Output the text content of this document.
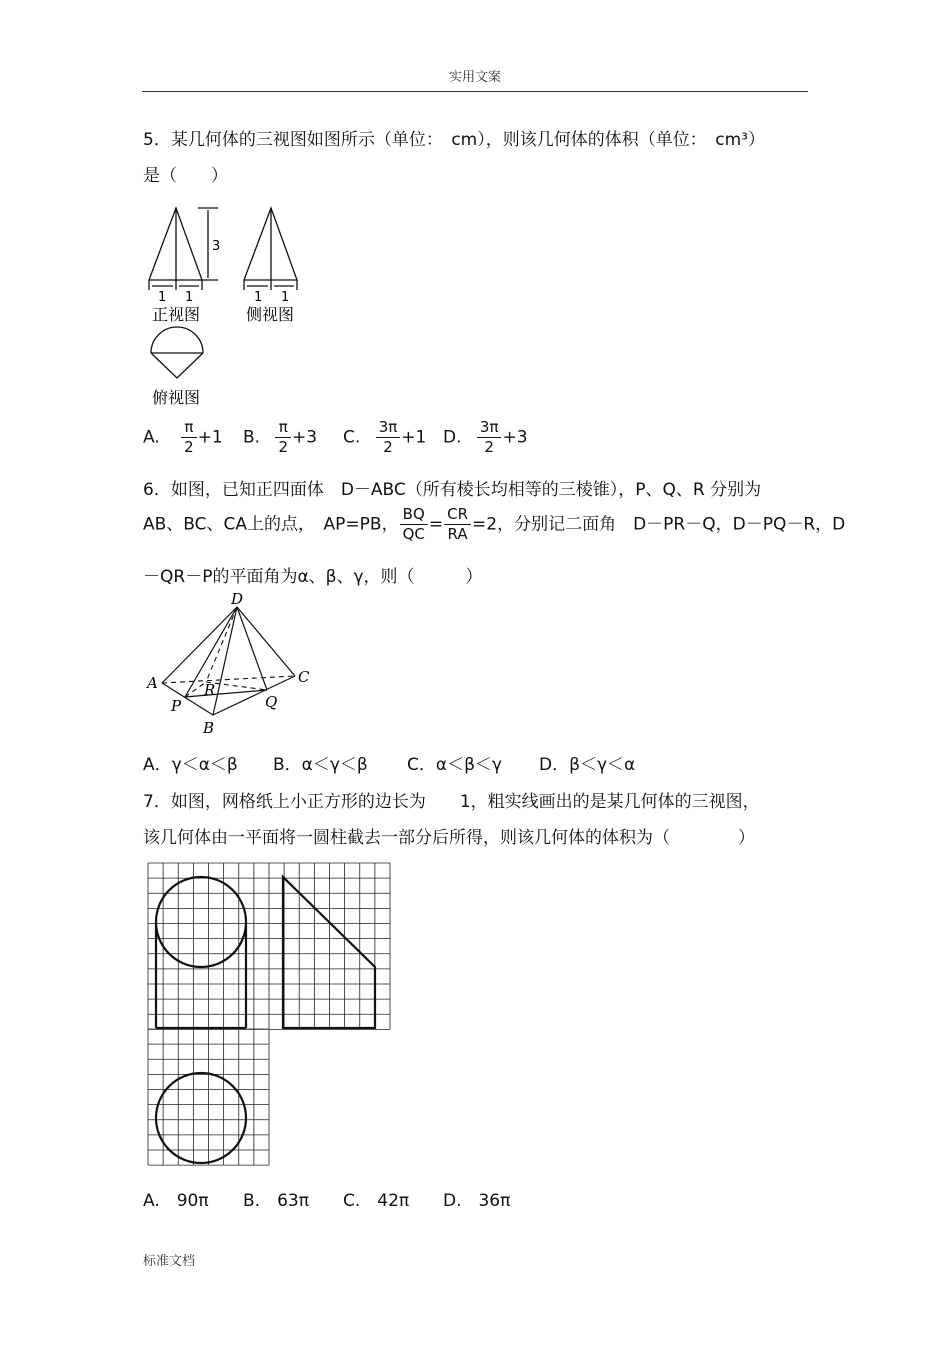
实用文案
5．某几何体的三视图如图所示（单位：　cm），则该几何体的体积（单位：　cm³）
是（　　）
3
1 1
正视图
1 1
侧视图
俯视图
A. $\frac{\pi}{2} +1$ B. $\frac{\pi}{2} +3$ C. $\frac{3\pi}{2} +1$ D. $\frac{3\pi}{2} +3$
6．如图，已知正四面体　D－ABC（所有棱长均相等的三棱锥），P、Q、R 分别为
AB、BC、CA上的点，　AP=PB， $\frac{BQ}{QC} = \frac{CR}{RA} =2$，分别记二面角　D－PR－Q，D－PQ－R，D
－QR－P的平面角为α、β、γ，则（　　　）
D
A	C
B
P	Q
R
A．γ＜α＜β B．α＜γ＜β C．α＜β＜γ D．β＜γ＜α
7．如图，网格纸上小正方形的边长为　　1，粗实线画出的是某几何体的三视图，
该几何体由一平面将一圆柱截去一部分后所得，则该几何体的体积为（　　　　）
A.　90π B.　63π C.　42π D.　36π
标准文档
